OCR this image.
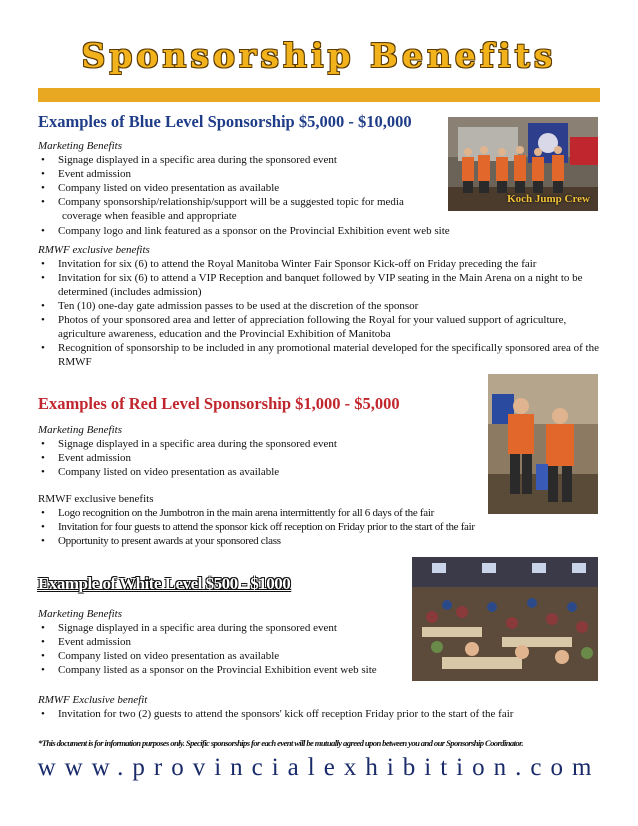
Sponsorship Benefits
Examples of Blue Level Sponsorship $5,000 - $10,000
Marketing Benefits
• Signage displayed in a specific area during the sponsored event
• Event admission
• Company listed on video presentation as available
• Company sponsorship/relationship/support will be a suggested topic for media
coverage when feasible and appropriate
• Company logo and link featured as a sponsor on the Provincial Exhibition event web site
RMWF exclusive benefits
• Invitation for six (6) to attend the Royal Manitoba Winter Fair Sponsor Kick-off on Friday preceding the fair
• Invitation for six (6) to attend a VIP Reception and banquet followed by VIP seating in the Main Arena on a night to be determined (includes admission)
• Ten (10) one-day gate admission passes to be used at the discretion of the sponsor
• Photos of your sponsored area and letter of appreciation following the Royal for your valued support of agriculture, agriculture awareness, education and the Provincial Exhibition of Manitoba
• Recognition of sponsorship to be included in any promotional material developed for the specifically sponsored area of the RMWF
Koch Jump Crew
Examples of Red Level Sponsorship $1,000 - $5,000
Marketing Benefits
• Signage displayed in a specific area during the sponsored event
• Event admission
• Company listed on video presentation as available
RMWF exclusive benefits
• Logo recognition on the Jumbotron in the main arena intermittently for all 6 days of the fair
• Invitation for four guests to attend the sponsor kick off reception on Friday prior to the start of the fair
• Opportunity to present awards at your sponsored class
Example of White Level $500 - $1000
Marketing Benefits
• Signage displayed in a specific area during the sponsored event
• Event admission
• Company listed on video presentation as available
• Company listed as a sponsor on the Provincial Exhibition event web site
RMWF Exclusive benefit
• Invitation for two (2) guests to attend the sponsors' kick off reception Friday prior to the start of the fair
*This document is for information purposes only. Specific sponsorships for each event will be mutually agreed upon between you and our Sponsorship Coordinator.
www.provincialexhibition.com
